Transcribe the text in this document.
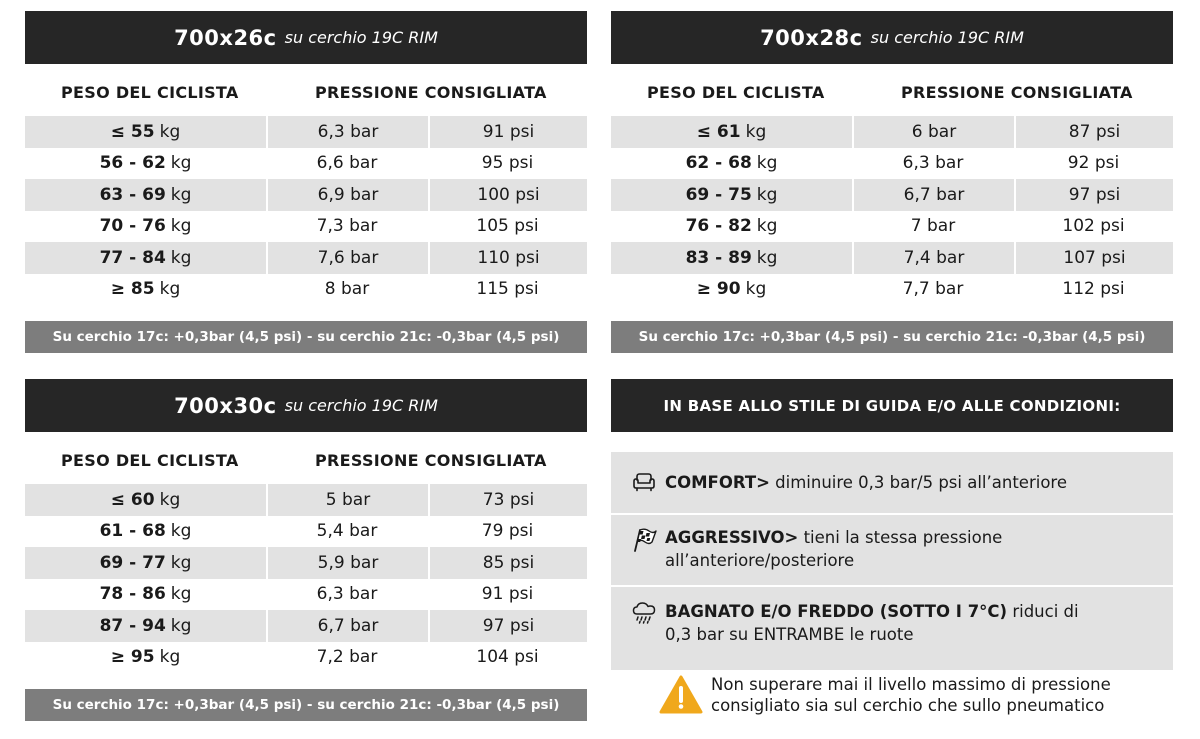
700x26c su cerchio 19C RIM
PESO DEL CICLISTA	PRESSIONE CONSIGLIATA
≤ 55 kg	6,3 bar	91 psi
56 - 62 kg	6,6 bar	95 psi
63 - 69 kg	6,9 bar	100 psi
70 - 76 kg	7,3 bar	105 psi
77 - 84 kg	7,6 bar	110 psi
≥ 85 kg	8 bar	115 psi
Su cerchio 17c: +0,3bar (4,5 psi) - su cerchio 21c: -0,3bar (4,5 psi)
700x28c su cerchio 19C RIM
PESO DEL CICLISTA	PRESSIONE CONSIGLIATA
≤ 61 kg	6 bar	87 psi
62 - 68 kg	6,3 bar	92 psi
69 - 75 kg	6,7 bar	97 psi
76 - 82 kg	7 bar	102 psi
83 - 89 kg	7,4 bar	107 psi
≥ 90 kg	7,7 bar	112 psi
Su cerchio 17c: +0,3bar (4,5 psi) - su cerchio 21c: -0,3bar (4,5 psi)
700x30c su cerchio 19C RIM
PESO DEL CICLISTA	PRESSIONE CONSIGLIATA
≤ 60 kg	5 bar	73 psi
61 - 68 kg	5,4 bar	79 psi
69 - 77 kg	5,9 bar	85 psi
78 - 86 kg	6,3 bar	91 psi
87 - 94 kg	6,7 bar	97 psi
≥ 95 kg	7,2 bar	104 psi
Su cerchio 17c: +0,3bar (4,5 psi) - su cerchio 21c: -0,3bar (4,5 psi)
IN BASE ALLO STILE DI GUIDA E/O ALLE CONDIZIONI:
COMFORT> diminuire 0,3 bar/5 psi all’anteriore
AGGRESSIVO> tieni la stessa pressione
all’anteriore/posteriore
BAGNATO E/O FREDDO (SOTTO I 7°C) riduci di
0,3 bar su ENTRAMBE le ruote
Non superare mai il livello massimo di pressione
consigliato sia sul cerchio che sullo pneumatico
